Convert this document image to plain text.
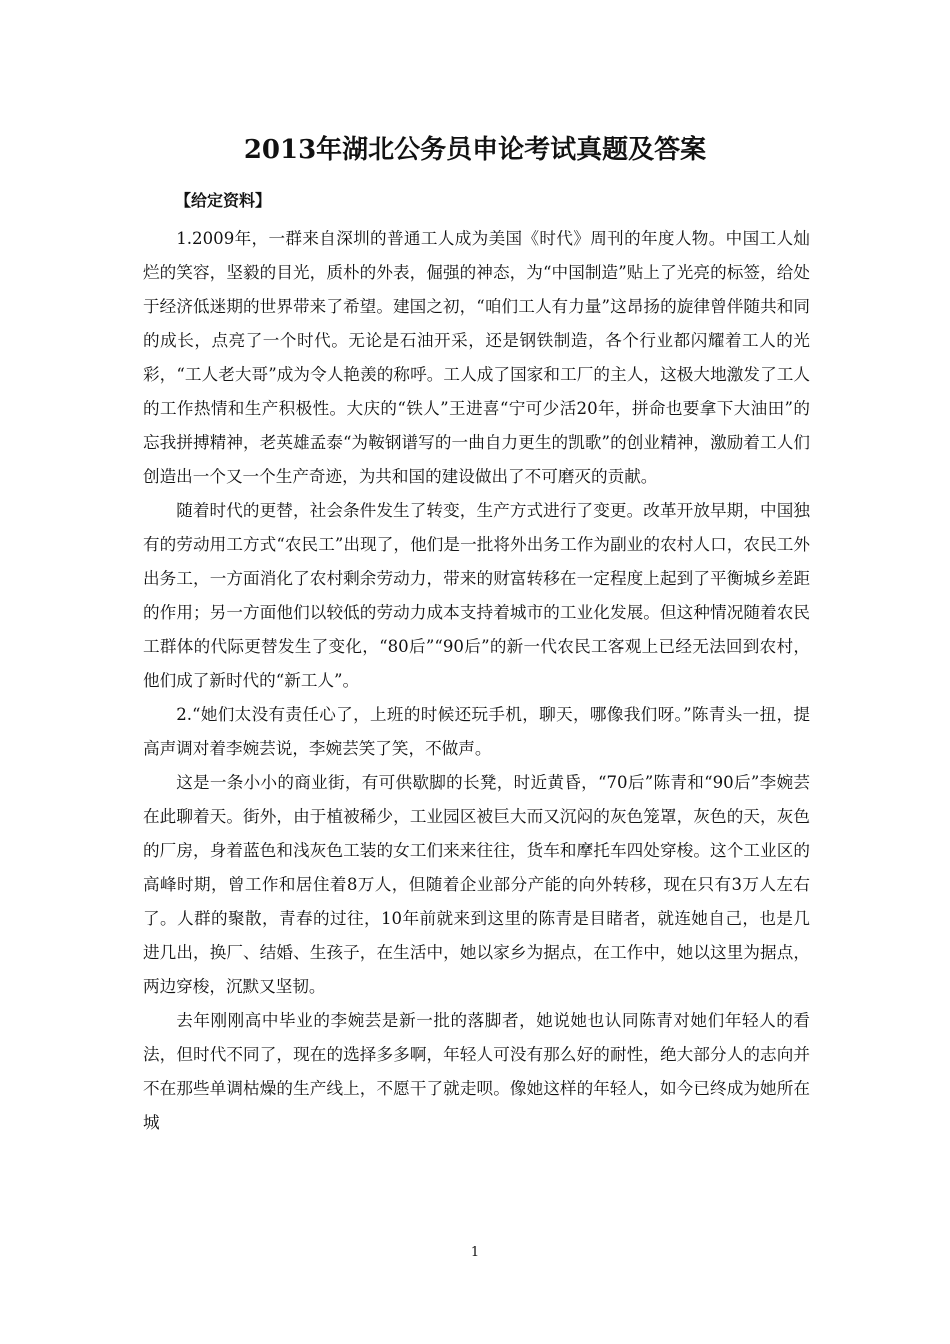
2013年湖北公务员申论考试真题及答案
【给定资料】

1.2009年，一群来自深圳的普通工人成为美国《时代》周刊的年度人物。中国工人灿烂的笑容，坚毅的目光，质朴的外表，倔强的神态，为“中国制造”贴上了光亮的标签，给处于经济低迷期的世界带来了希望。建国之初，“咱们工人有力量”这昂扬的旋律曾伴随共和同的成长，点亮了一个时代。无论是石油开采，还是钢铁制造，各个行业都闪耀着工人的光彩，“工人老大哥”成为令人艳羡的称呼。工人成了国家和工厂的主人，这极大地激发了工人的工作热情和生产积极性。大庆的“铁人”王进喜“宁可少活20年，拼命也要拿下大油田”的忘我拼搏精神，老英雄孟泰“为鞍钢谱写的一曲自力更生的凯歌”的创业精神，激励着工人们创造出一个又一个生产奇迹，为共和国的建设做出了不可磨灭的贡献。

随着时代的更替，社会条件发生了转变，生产方式进行了变更。改革开放早期，中国独有的劳动用工方式“农民工”出现了，他们是一批将外出务工作为副业的农村人口，农民工外出务工，一方面消化了农村剩余劳动力，带来的财富转移在一定程度上起到了平衡城乡差距的作用；另一方面他们以较低的劳动力成本支持着城市的工业化发展。但这种情况随着农民工群体的代际更替发生了变化，“80后”“90后”的新一代农民工客观上已经无法回到农村，他们成了新时代的“新工人”。

2.“她们太没有责任心了，上班的时候还玩手机，聊天，哪像我们呀。”陈青头一扭，提高声调对着李婉芸说，李婉芸笑了笑，不做声。

这是一条小小的商业街，有可供歇脚的长凳，时近黄昏，“70后”陈青和“90后”李婉芸在此聊着天。街外，由于植被稀少，工业园区被巨大而又沉闷的灰色笼罩，灰色的天，灰色的厂房，身着蓝色和浅灰色工装的女工们来来往往，货车和摩托车四处穿梭。这个工业区的高峰时期，曾工作和居住着8万人，但随着企业部分产能的向外转移，现在只有3万人左右了。人群的聚散，青春的过往，10年前就来到这里的陈青是目睹者，就连她自己，也是几进几出，换厂、结婚、生孩子，在生活中，她以家乡为据点，在工作中，她以这里为据点，两边穿梭，沉默又坚韧。

去年刚刚高中毕业的李婉芸是新一批的落脚者，她说她也认同陈青对她们年轻人的看法，但时代不同了，现在的选择多多啊，年轻人可没有那么好的耐性，绝大部分人的志向并不在那些单调枯燥的生产线上，不愿干了就走呗。像她这样的年轻人，如今已终成为她所在城

1
